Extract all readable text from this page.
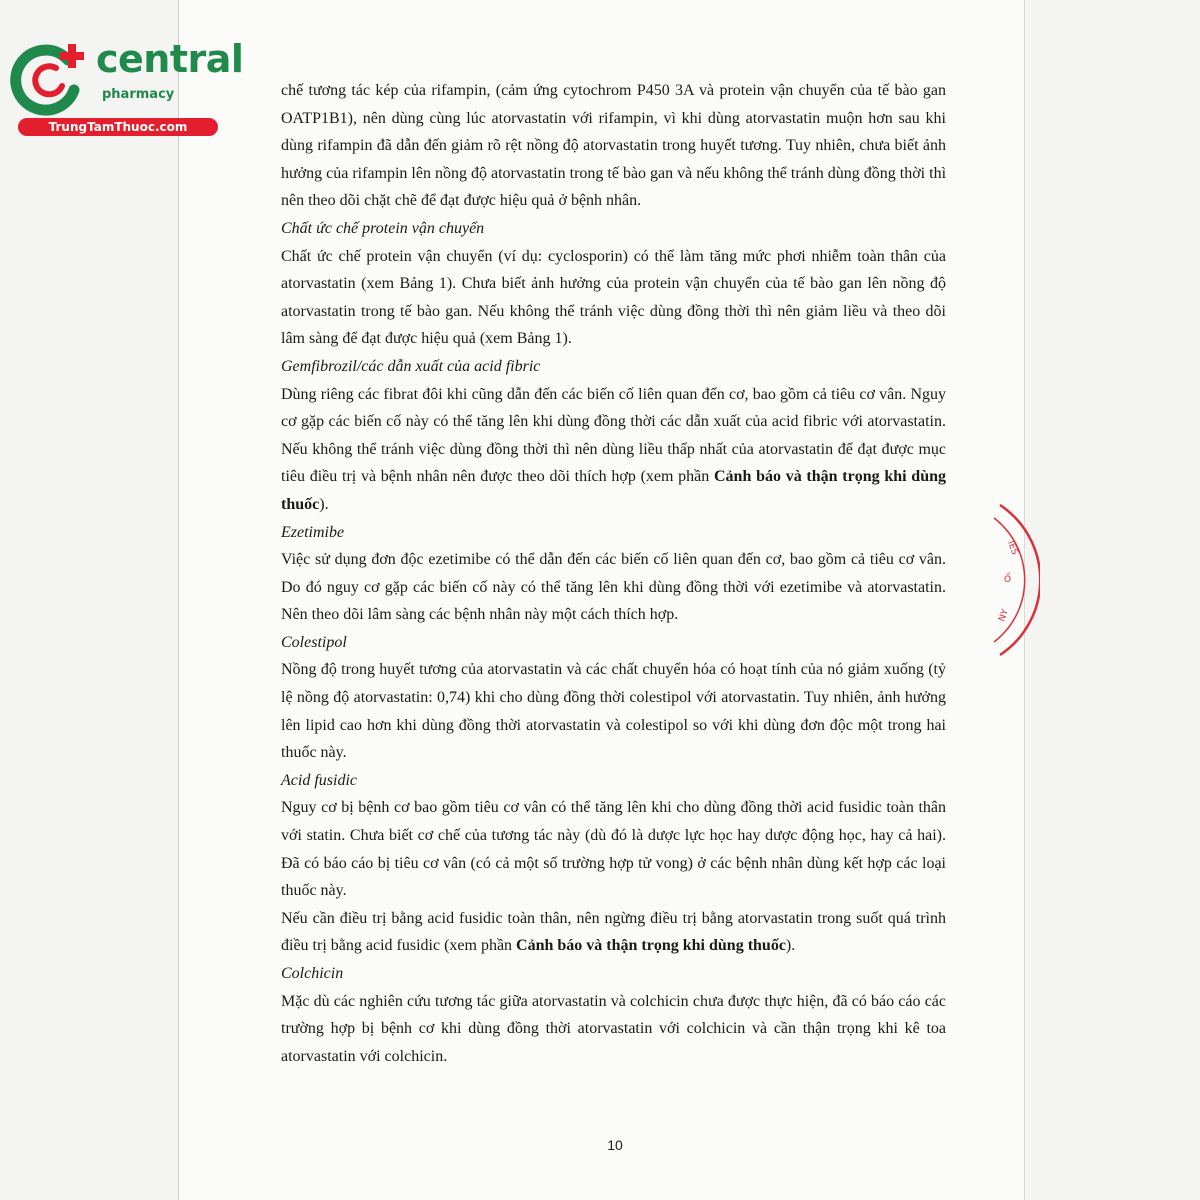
central
pharmacy
TrungTamThuoc.com

chế tương tác kép của rifampin, (cảm ứng cytochrom P450 3A và protein vận chuyển của tế bào gan OATP1B1), nên dùng cùng lúc atorvastatin với rifampin, vì khi dùng atorvastatin muộn hơn sau khi dùng rifampin đã dẫn đến giảm rõ rệt nồng độ atorvastatin trong huyết tương. Tuy nhiên, chưa biết ảnh hưởng của rifampin lên nồng độ atorvastatin trong tế bào gan và nếu không thể tránh dùng đồng thời thì nên theo dõi chặt chẽ để đạt được hiệu quả ở bệnh nhân.

Chất ức chế protein vận chuyển

Chất ức chế protein vận chuyển (ví dụ: cyclosporin) có thể làm tăng mức phơi nhiễm toàn thân của atorvastatin (xem Bảng 1). Chưa biết ảnh hưởng của protein vận chuyển của tế bào gan lên nồng độ atorvastatin trong tế bào gan. Nếu không thể tránh việc dùng đồng thời thì nên giảm liều và theo dõi lâm sàng để đạt được hiệu quả (xem Bảng 1).

Gemfibrozil/các dẫn xuất của acid fibric

Dùng riêng các fibrat đôi khi cũng dẫn đến các biến cố liên quan đến cơ, bao gồm cả tiêu cơ vân. Nguy cơ gặp các biến cố này có thể tăng lên khi dùng đồng thời các dẫn xuất của acid fibric với atorvastatin. Nếu không thể tránh việc dùng đồng thời thì nên dùng liều thấp nhất của atorvastatin để đạt được mục tiêu điều trị và bệnh nhân nên được theo dõi thích hợp (xem phần Cảnh báo và thận trọng khi dùng thuốc).

Ezetimibe

Việc sử dụng đơn độc ezetimibe có thể dẫn đến các biến cố liên quan đến cơ, bao gồm cả tiêu cơ vân. Do đó nguy cơ gặp các biến cố này có thể tăng lên khi dùng đồng thời với ezetimibe và atorvastatin. Nên theo dõi lâm sàng các bệnh nhân này một cách thích hợp.

Colestipol

Nồng độ trong huyết tương của atorvastatin và các chất chuyển hóa có hoạt tính của nó giảm xuống (tỷ lệ nồng độ atorvastatin: 0,74) khi cho dùng đồng thời colestipol với atorvastatin. Tuy nhiên, ảnh hưởng lên lipid cao hơn khi dùng đồng thời atorvastatin và colestipol so với khi dùng đơn độc một trong hai thuốc này.

Acid fusidic

Nguy cơ bị bệnh cơ bao gồm tiêu cơ vân có thể tăng lên khi cho dùng đồng thời acid fusidic toàn thân với statin. Chưa biết cơ chế của tương tác này (dù đó là dược lực học hay dược động học, hay cả hai). Đã có báo cáo bị tiêu cơ vân (có cả một số trường hợp tử vong) ở các bệnh nhân dùng kết hợp các loại thuốc này.

Nếu cần điều trị bằng acid fusidic toàn thân, nên ngừng điều trị bằng atorvastatin trong suốt quá trình điều trị bằng acid fusidic (xem phần Cảnh báo và thận trọng khi dùng thuốc).

Colchicin

Mặc dù các nghiên cứu tương tác giữa atorvastatin và colchicin chưa được thực hiện, đã có báo cáo các trường hợp bị bệnh cơ khi dùng đồng thời atorvastatin với colchicin và cần thận trọng khi kê toa atorvastatin với colchicin.

10
IES
Ổ
NY
